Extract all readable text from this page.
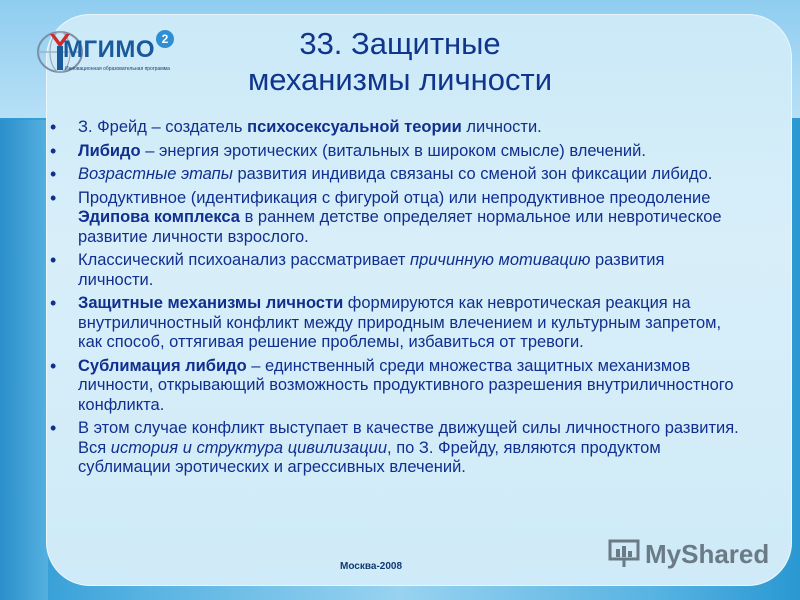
МГИМО 2
Инновационная образовательная программа
33. Защитные
механизмы личности
• З. Фрейд – создатель психосексуальной теории личности.
• Либидо – энергия эротических (витальных в широком смысле) влечений.
• Возрастные этапы развития индивида связаны со сменой зон фиксации либидо.
• Продуктивное (идентификация с фигурой отца) или непродуктивное преодоление Эдипова комплекса в раннем детстве определяет нормальное или невротическое развитие личности взрослого.
• Классический психоанализ рассматривает причинную мотивацию развития личности.
• Защитные механизмы личности формируются как невротическая реакция на внутриличностный конфликт между природным влечением и культурным запретом, как способ, оттягивая решение проблемы, избавиться от тревоги.
• Сублимация либидо – единственный среди множества защитных механизмов личности, открывающий возможность продуктивного разрешения внутриличностного конфликта.
• В этом случае конфликт выступает в качестве движущей силы личностного развития. Вся история и структура цивилизации, по З. Фрейду, являются продуктом сублимации эротических и агрессивных влечений.
Москва-2008	MyShared
